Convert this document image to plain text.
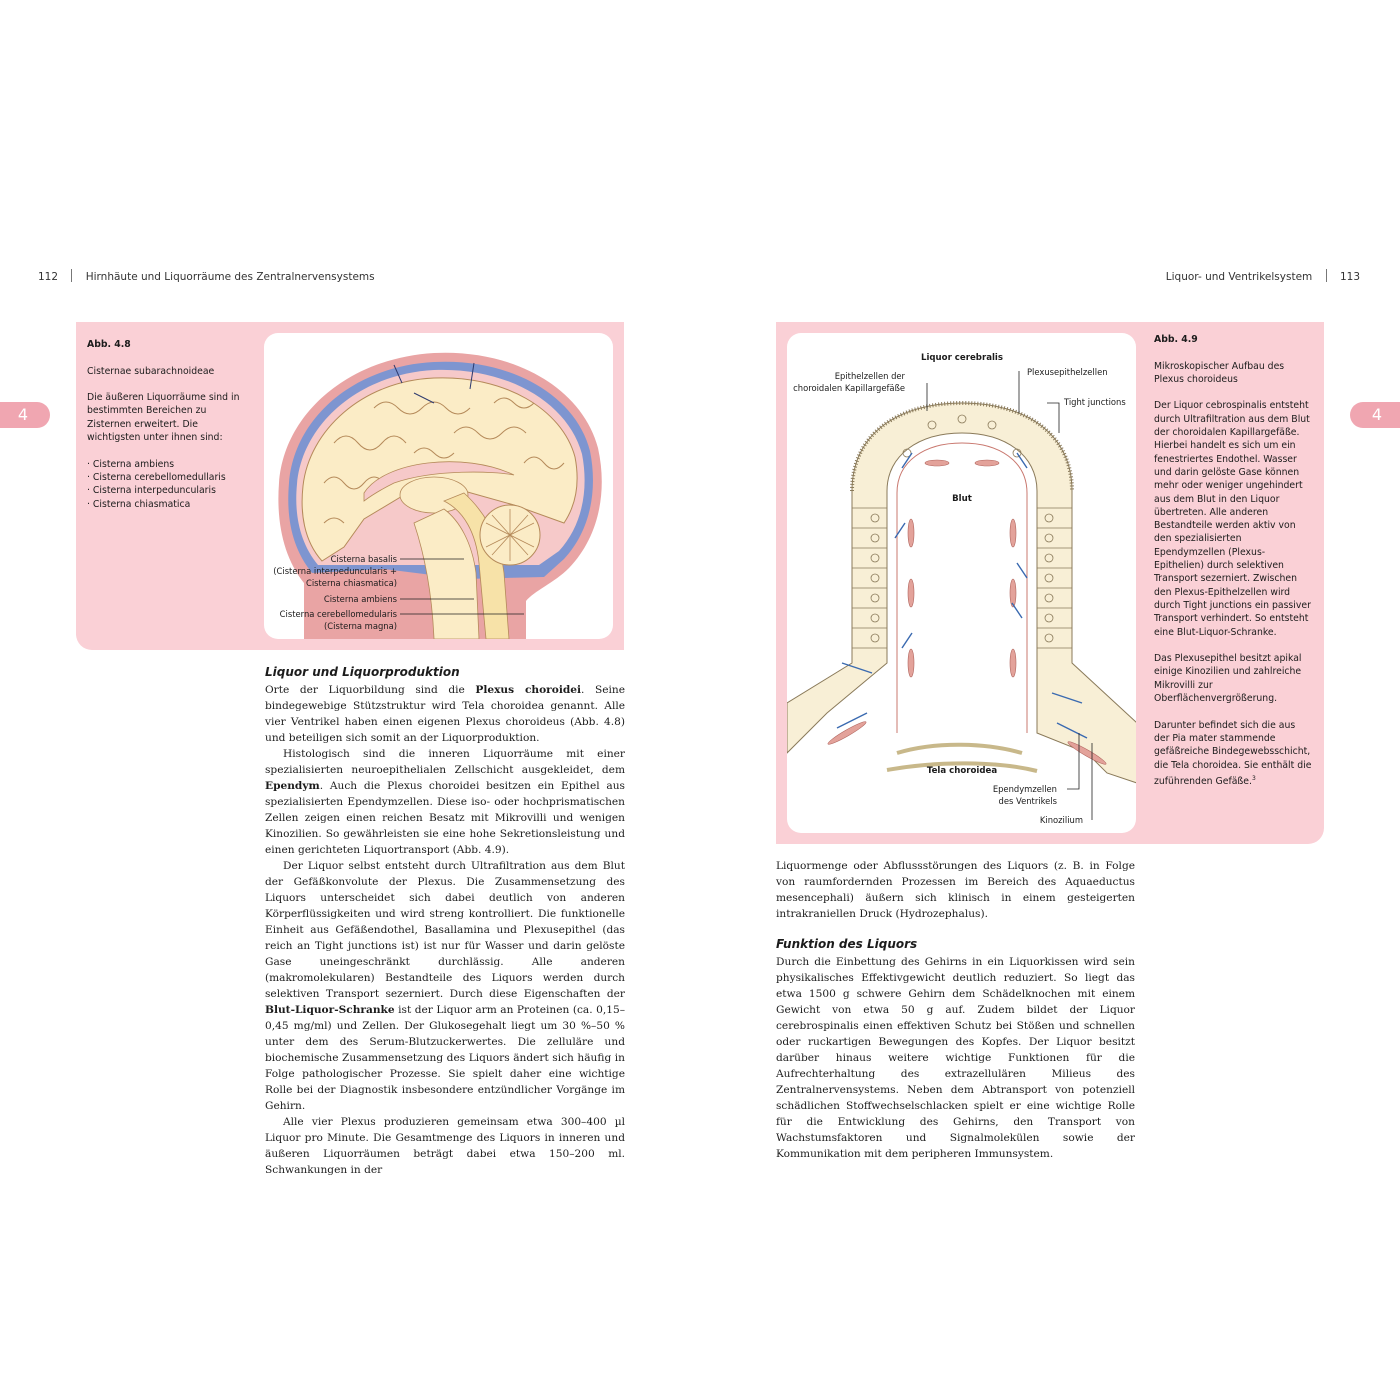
112	Hirnhäute und Liquorräume des Zentralnervensystems	Liquor- und Ventrikelsystem	113
4	4

Abb. 4.8

Cisternae subarachnoideae

Die äußeren Liquorräume sind in bestimmten Bereichen zu Zisternen erweitert. Die wichtigsten unter ihnen sind:

· Cisterna ambiens
· Cisterna cerebellomedullaris
· Cisterna interpeduncularis
· Cisterna chiasmatica
Cisterna basalis
(Cisterna interpeduncularis +
Cisterna chiasmatica)
Cisterna ambiens
Cisterna cerebellomedularis
(Cisterna magna)
Liquor und Liquorproduktion

Orte der Liquorbildung sind die Plexus choroidei. Seine bindegewebige Stützstruktur wird Tela choroidea genannt. Alle vier Ventrikel haben einen eigenen Plexus choroideus (Abb. 4.8) und beteiligen sich somit an der Liquorproduktion.

Histologisch sind die inneren Liquorräume mit einer spezialisierten neuroepithelialen Zellschicht ausgekleidet, dem Ependym. Auch die Plexus choroidei besitzen ein Epithel aus spezialisierten Ependymzellen. Diese iso- oder hochprismatischen Zellen zeigen einen reichen Besatz mit Mikrovilli und wenigen Kinozilien. So gewährleisten sie eine hohe Sekretionsleistung und einen gerichteten Liquortransport (Abb. 4.9).

Der Liquor selbst entsteht durch Ultrafiltration aus dem Blut der Gefäßkonvolute der Plexus. Die Zusammensetzung des Liquors unterscheidet sich dabei deutlich von anderen Körperflüssigkeiten und wird streng kontrolliert. Die funktionelle Einheit aus Gefäßendothel, Basallamina und Plexusepithel (das reich an Tight junctions ist) ist nur für Wasser und darin gelöste Gase uneingeschränkt durchlässig. Alle anderen (makromolekularen) Bestandteile des Liquors werden durch selektiven Transport sezerniert. Durch diese Eigenschaften der Blut-Liquor-Schranke ist der Liquor arm an Proteinen (ca. 0,15–0,45 mg/ml) und Zellen. Der Glukosegehalt liegt um 30 %–50 % unter dem des Serum-Blutzuckerwertes. Die zelluläre und biochemische Zusammensetzung des Liquors ändert sich häufig in Folge pathologischer Prozesse. Sie spielt daher eine wichtige Rolle bei der Diagnostik insbesondere entzündlicher Vorgänge im Gehirn.

Alle vier Plexus produzieren gemeinsam etwa 300–400 µl Liquor pro Minute. Die Gesamtmenge des Liquors in inneren und äußeren Liquorräumen beträgt dabei etwa 150–200 ml. Schwankungen in der

Liquor cerebralis
Epithelzellen der
choroidalen Kapillargefäße
Plexusepithelzellen
Tight junctions
Blut
Tela choroidea
Ependymzellen
des Ventrikels
Kinozilium

Abb. 4.9

Mikroskopischer Aufbau des Plexus choroideus

Der Liquor cebrospinalis entsteht durch Ultrafiltration aus dem Blut der choroidalen Kapillargefäße. Hierbei handelt es sich um ein fenestriertes Endothel. Wasser und darin gelöste Gase können mehr oder weniger ungehindert aus dem Blut in den Liquor übertreten. Alle anderen Bestandteile werden aktiv von den spezialisierten Ependymzellen (Plexus-Epithelien) durch selektiven Transport sezerniert. Zwischen den Plexus-Epithelzellen wird durch Tight junctions ein passiver Transport verhindert. So entsteht eine Blut-Liquor-Schranke.

Das Plexusepithel besitzt apikal einige Kinozilien und zahlreiche Mikrovilli zur Oberflächenvergrößerung.

Darunter befindet sich die aus der Pia mater stammende gefäßreiche Bindegewebsschicht, die Tela choroidea. Sie enthält die zuführenden Gefäße.$^3$

Liquormenge oder Abflussstörungen des Liquors (z. B. in Folge von raumfordernden Prozessen im Bereich des Aquaeductus mesencephali) äußern sich klinisch in einem gesteigerten intrakraniellen Druck (Hydrozephalus).

Funktion des Liquors

Durch die Einbettung des Gehirns in ein Liquorkissen wird sein physikalisches Effektivgewicht deutlich reduziert. So liegt das etwa 1500 g schwere Gehirn dem Schädelknochen mit einem Gewicht von etwa 50 g auf. Zudem bildet der Liquor cerebrospinalis einen effektiven Schutz bei Stößen und schnellen oder ruckartigen Bewegungen des Kopfes. Der Liquor besitzt darüber hinaus weitere wichtige Funktionen für die Aufrechterhaltung des extrazellulären Milieus des Zentralnervensystems. Neben dem Abtransport von potenziell schädlichen Stoffwechselschlacken spielt er eine wichtige Rolle für die Entwicklung des Gehirns, den Transport von Wachstumsfaktoren und Signalmolekülen sowie der Kommunikation mit dem peripheren Immunsystem.
